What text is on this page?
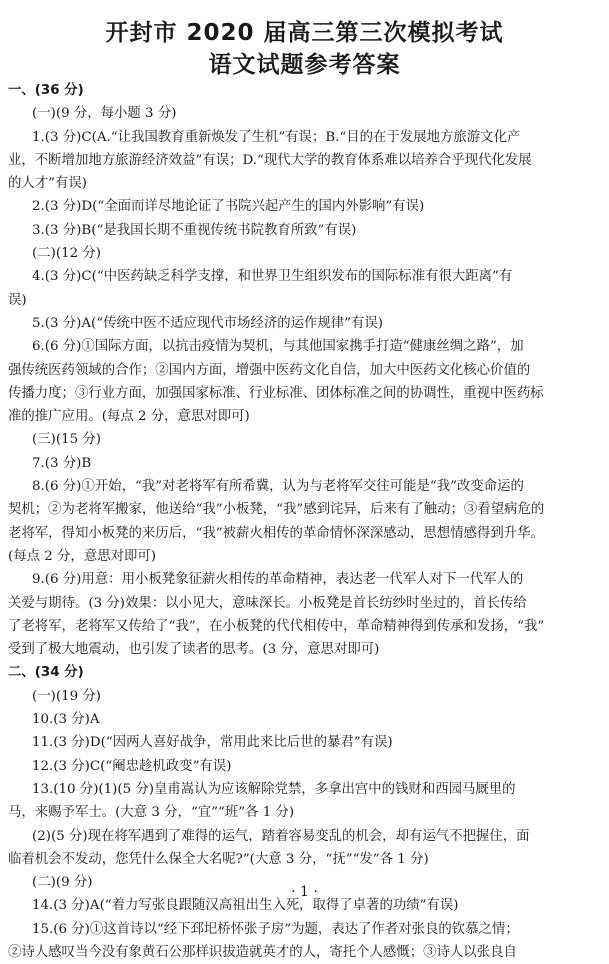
开封市 2020 届高三第三次模拟考试
语文试题参考答案
一、(36 分)
(一)(9 分，每小题 3 分)
1.(3 分)C(A.“让我国教育重新焕发了生机”有误；B.“目的在于发展地方旅游文化产
业，不断增加地方旅游经济效益”有误；D.“现代大学的教育体系难以培养合乎现代化发展
的人才”有误)
2.(3 分)D(“全面而详尽地论证了书院兴起产生的国内外影响”有误)
3.(3 分)B(“是我国长期不重视传统书院教育所致”有误)
(二)(12 分)
4.(3 分)C(“中医药缺乏科学支撑，和世界卫生组织发布的国际标准有很大距离”有
误)
5.(3 分)A(“传统中医不适应现代市场经济的运作规律”有误)
6.(6 分)①国际方面，以抗击疫情为契机，与其他国家携手打造“健康丝绸之路”，加
强传统医药领域的合作；②国内方面，增强中医药文化自信，加大中医药文化核心价值的
传播力度；③行业方面，加强国家标准、行业标准、团体标准之间的协调性，重视中医药标
准的推广应用。(每点 2 分，意思对即可)
(三)(15 分)
7.(3 分)B
8.(6 分)①开始，“我”对老将军有所希冀，认为与老将军交往可能是“我”改变命运的
契机；②为老将军搬家，他送给“我”小板凳，“我”感到诧异，后来有了触动；③看望病危的
老将军，得知小板凳的来历后，“我”被薪火相传的革命情怀深深感动，思想情感得到升华。
(每点 2 分，意思对即可)
9.(6 分)用意：用小板凳象征薪火相传的革命精神，表达老一代军人对下一代军人的
关爱与期待。(3 分)效果：以小见大，意味深长。小板凳是首长纺纱时坐过的，首长传给
了老将军，老将军又传给了“我”，在小板凳的代代相传中，革命精神得到传承和发扬，“我”
受到了极大地震动，也引发了读者的思考。(3 分，意思对即可)
二、(34 分)
(一)(19 分)
10.(3 分)A
11.(3 分)D(“因两人喜好战争，常用此来比后世的暴君”有误)
12.(3 分)C(“阉忠趁机政变”有误)
13.(10 分)(1)(5 分)皇甫嵩认为应该解除党禁，多拿出宫中的钱财和西园马厩里的
马，来赐予军士。(大意 3 分，“宜”“班”各 1 分)
(2)(5 分)现在将军遇到了难得的运气，踏着容易变乱的机会，却有运气不把握住，面
临着机会不发动，您凭什么保全大名呢?”(大意 3 分，“抚”“发”各 1 分)
(二)(9 分)
14.(3 分)A(“着力写张良跟随汉高祖出生入死，取得了卓著的功绩”有误)
15.(6 分)①这首诗以“经下邳圯桥怀张子房”为题，表达了作者对张良的钦慕之情；
②诗人感叹当今没有象黄石公那样识拔造就英才的人，寄托个人感慨；③诗人以张良自
· 1 ·
